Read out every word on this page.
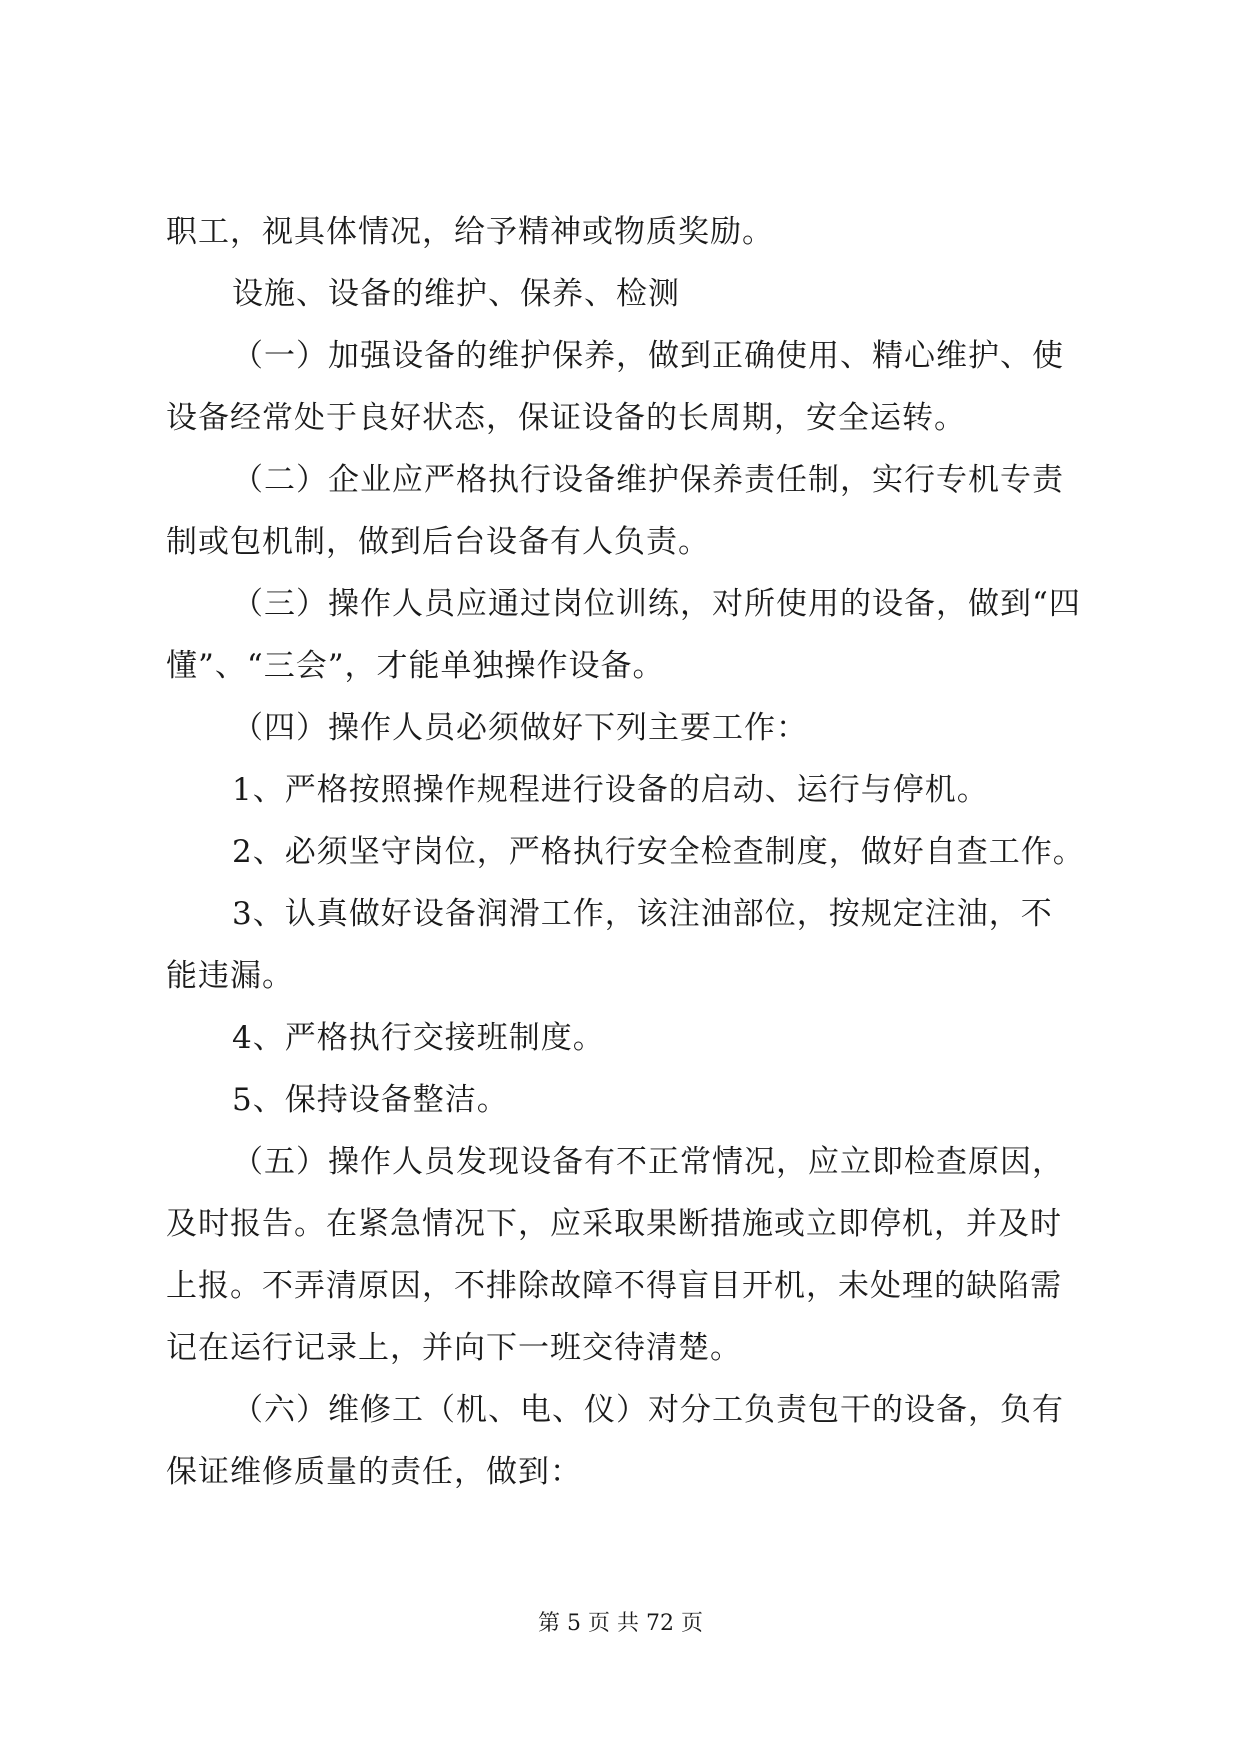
职工，视具体情况，给予精神或物质奖励。
设施、设备的维护、保养、检测
（一）加强设备的维护保养，做到正确使用、精心维护、使
设备经常处于良好状态，保证设备的长周期，安全运转。
（二）企业应严格执行设备维护保养责任制，实行专机专责
制或包机制，做到后台设备有人负责。
（三）操作人员应通过岗位训练，对所使用的设备，做到“四
懂”、“三会”，才能单独操作设备。
（四）操作人员必须做好下列主要工作：
1、严格按照操作规程进行设备的启动、运行与停机。
2、必须坚守岗位，严格执行安全检查制度，做好自查工作。
3、认真做好设备润滑工作，该注油部位，按规定注油，不
能违漏。
4、严格执行交接班制度。
5、保持设备整洁。
（五）操作人员发现设备有不正常情况，应立即检查原因，
及时报告。在紧急情况下，应采取果断措施或立即停机，并及时
上报。不弄清原因，不排除故障不得盲目开机，未处理的缺陷需
记在运行记录上，并向下一班交待清楚。
（六）维修工（机、电、仪）对分工负责包干的设备，负有
保证维修质量的责任，做到：
第 5 页 共 72 页
